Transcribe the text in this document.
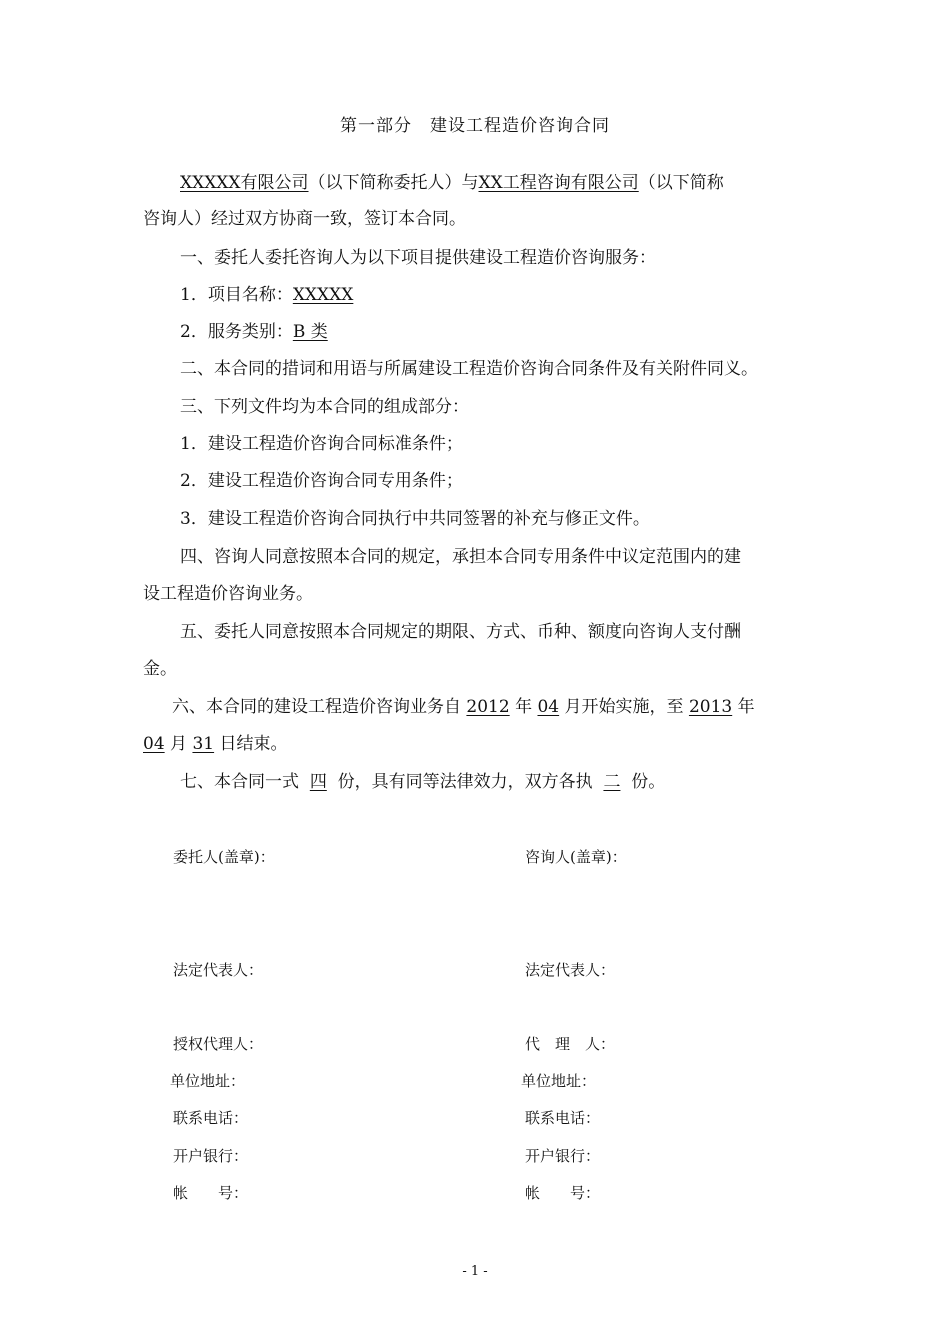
第一部分　建设工程造价咨询合同
XXXXX有限公司（以下简称委托人）与XX工程咨询有限公司（以下简称
咨询人）经过双方协商一致，签订本合同。
一、委托人委托咨询人为以下项目提供建设工程造价咨询服务：
1．项目名称：XXXXX
2．服务类别：B 类
二、本合同的措词和用语与所属建设工程造价咨询合同条件及有关附件同义。
三、下列文件均为本合同的组成部分：
1．建设工程造价咨询合同标准条件；
2．建设工程造价咨询合同专用条件；
3．建设工程造价咨询合同执行中共同签署的补充与修正文件。
四、咨询人同意按照本合同的规定，承担本合同专用条件中议定范围内的建
设工程造价咨询业务。
五、委托人同意按照本合同规定的期限、方式、币种、额度向咨询人支付酬
金。
六、本合同的建设工程造价咨询业务自 2012 年 04 月开始实施，至 2013 年
04 月 31 日结束。
七、本合同一式 四 份，具有同等法律效力，双方各执 二 份。
委托人(盖章)：
法定代表人：
授权代理人：
单位地址：
联系电话：
开户银行：
帐　　号：
咨询人(盖章)：
法定代表人：
代　理　人：
单位地址：
联系电话：
开户银行：
帐　　号：
- 1 -
